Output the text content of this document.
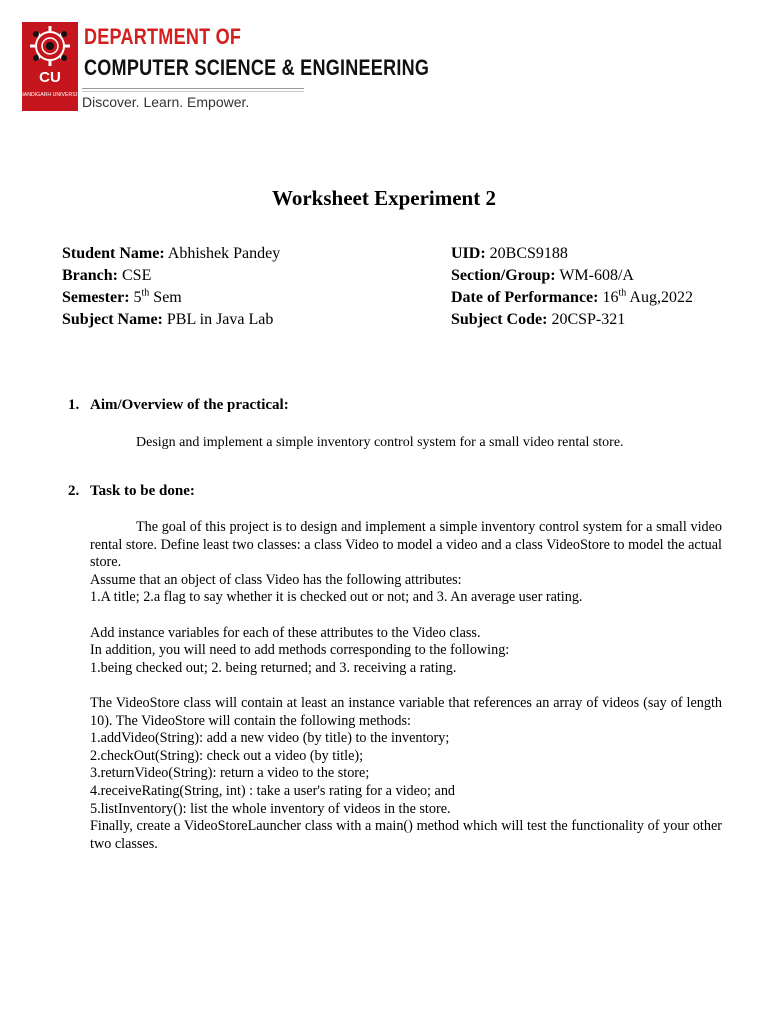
CU
CHANDIGARH UNIVERSITY
DEPARTMENT OF
COMPUTER SCIENCE & ENGINEERING
Discover. Learn. Empower.
Worksheet Experiment 2
Student Name: Abhishek Pandey	UID: 20BCS9188
Branch: CSE	Section/Group: WM-608/A
Semester: 5th Sem	Date of Performance: 16th Aug,2022
Subject Name: PBL in Java Lab	Subject Code: 20CSP-321
1. Aim/Overview of the practical:
Design and implement a simple inventory control system for a small video rental store.
2. Task to be done:

The goal of this project is to design and implement a simple inventory control system for a small video rental store. Define least two classes: a class Video to model a video and a class VideoStore to model the actual store.

Assume that an object of class Video has the following attributes:

1.A title; 2.a flag to say whether it is checked out or not; and 3. An average user rating.

Add instance variables for each of these attributes to the Video class.

In addition, you will need to add methods corresponding to the following:

1.being checked out; 2. being returned; and 3. receiving a rating.

The VideoStore class will contain at least an instance variable that references an array of videos (say of length 10). The VideoStore will contain the following methods:

1.addVideo(String): add a new video (by title) to the inventory;

2.checkOut(String): check out a video (by title);

3.returnVideo(String): return a video to the store;

4.receiveRating(String, int) : take a user's rating for a video; and

5.listInventory(): list the whole inventory of videos in the store.

Finally, create a VideoStoreLauncher class with a main() method which will test the functionality of your other two classes.
